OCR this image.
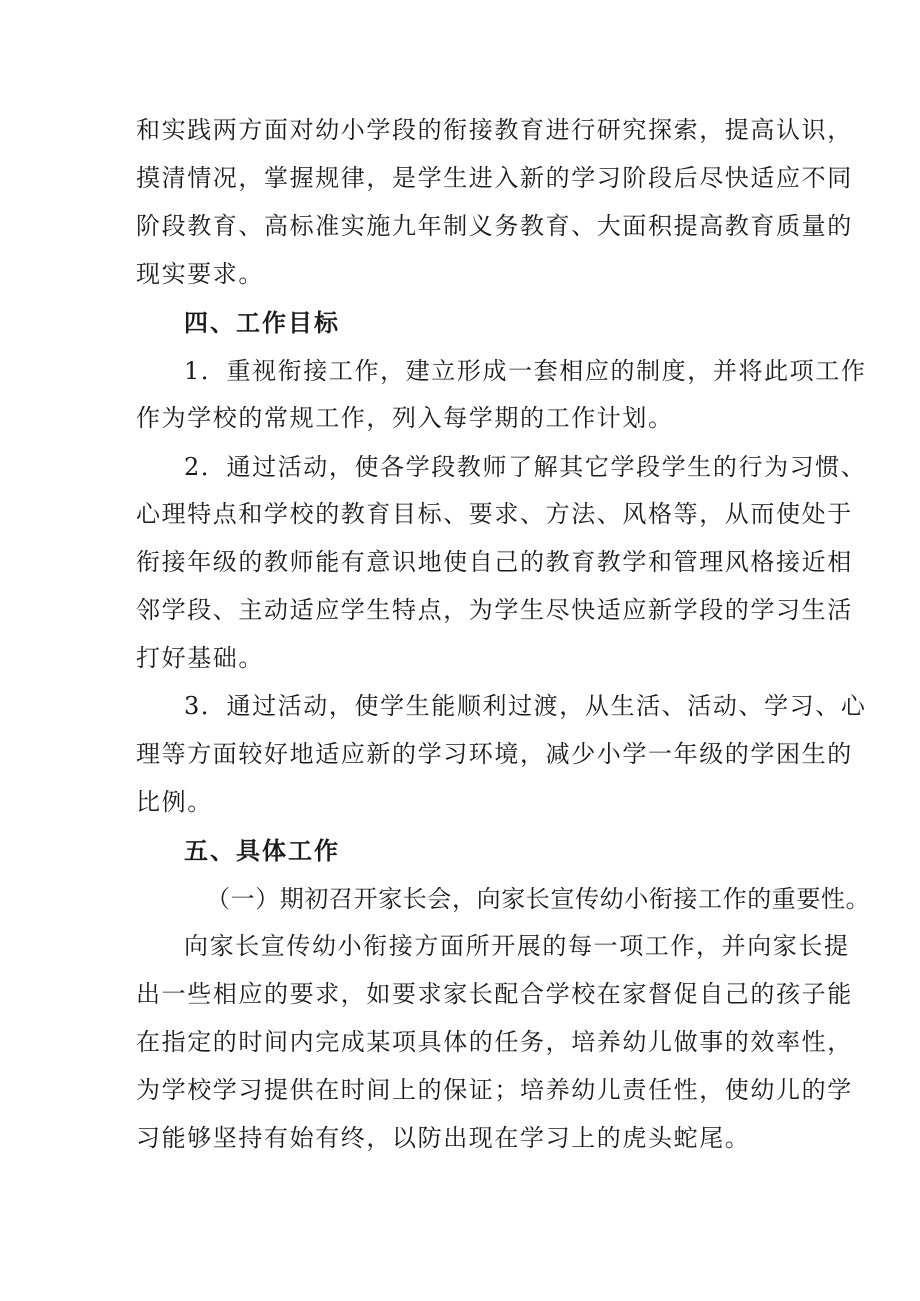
和实践两方面对幼小学段的衔接教育进行研究探索，提高认识，
摸清情况，掌握规律，是学生进入新的学习阶段后尽快适应不同
阶段教育、高标准实施九年制义务教育、大面积提高教育质量的
现实要求。
四、工作目标
1．重视衔接工作，建立形成一套相应的制度，并将此项工作
作为学校的常规工作，列入每学期的工作计划。
2．通过活动，使各学段教师了解其它学段学生的行为习惯、
心理特点和学校的教育目标、要求、方法、风格等，从而使处于
衔接年级的教师能有意识地使自己的教育教学和管理风格接近相
邻学段、主动适应学生特点，为学生尽快适应新学段的学习生活
打好基础。
3．通过活动，使学生能顺利过渡，从生活、活动、学习、心
理等方面较好地适应新的学习环境，减少小学一年级的学困生的
比例。
五、具体工作
（一）期初召开家长会，向家长宣传幼小衔接工作的重要性。
向家长宣传幼小衔接方面所开展的每一项工作，并向家长提
出一些相应的要求，如要求家长配合学校在家督促自己的孩子能
在指定的时间内完成某项具体的任务，培养幼儿做事的效率性，
为学校学习提供在时间上的保证；培养幼儿责任性，使幼儿的学
习能够坚持有始有终，以防出现在学习上的虎头蛇尾。
